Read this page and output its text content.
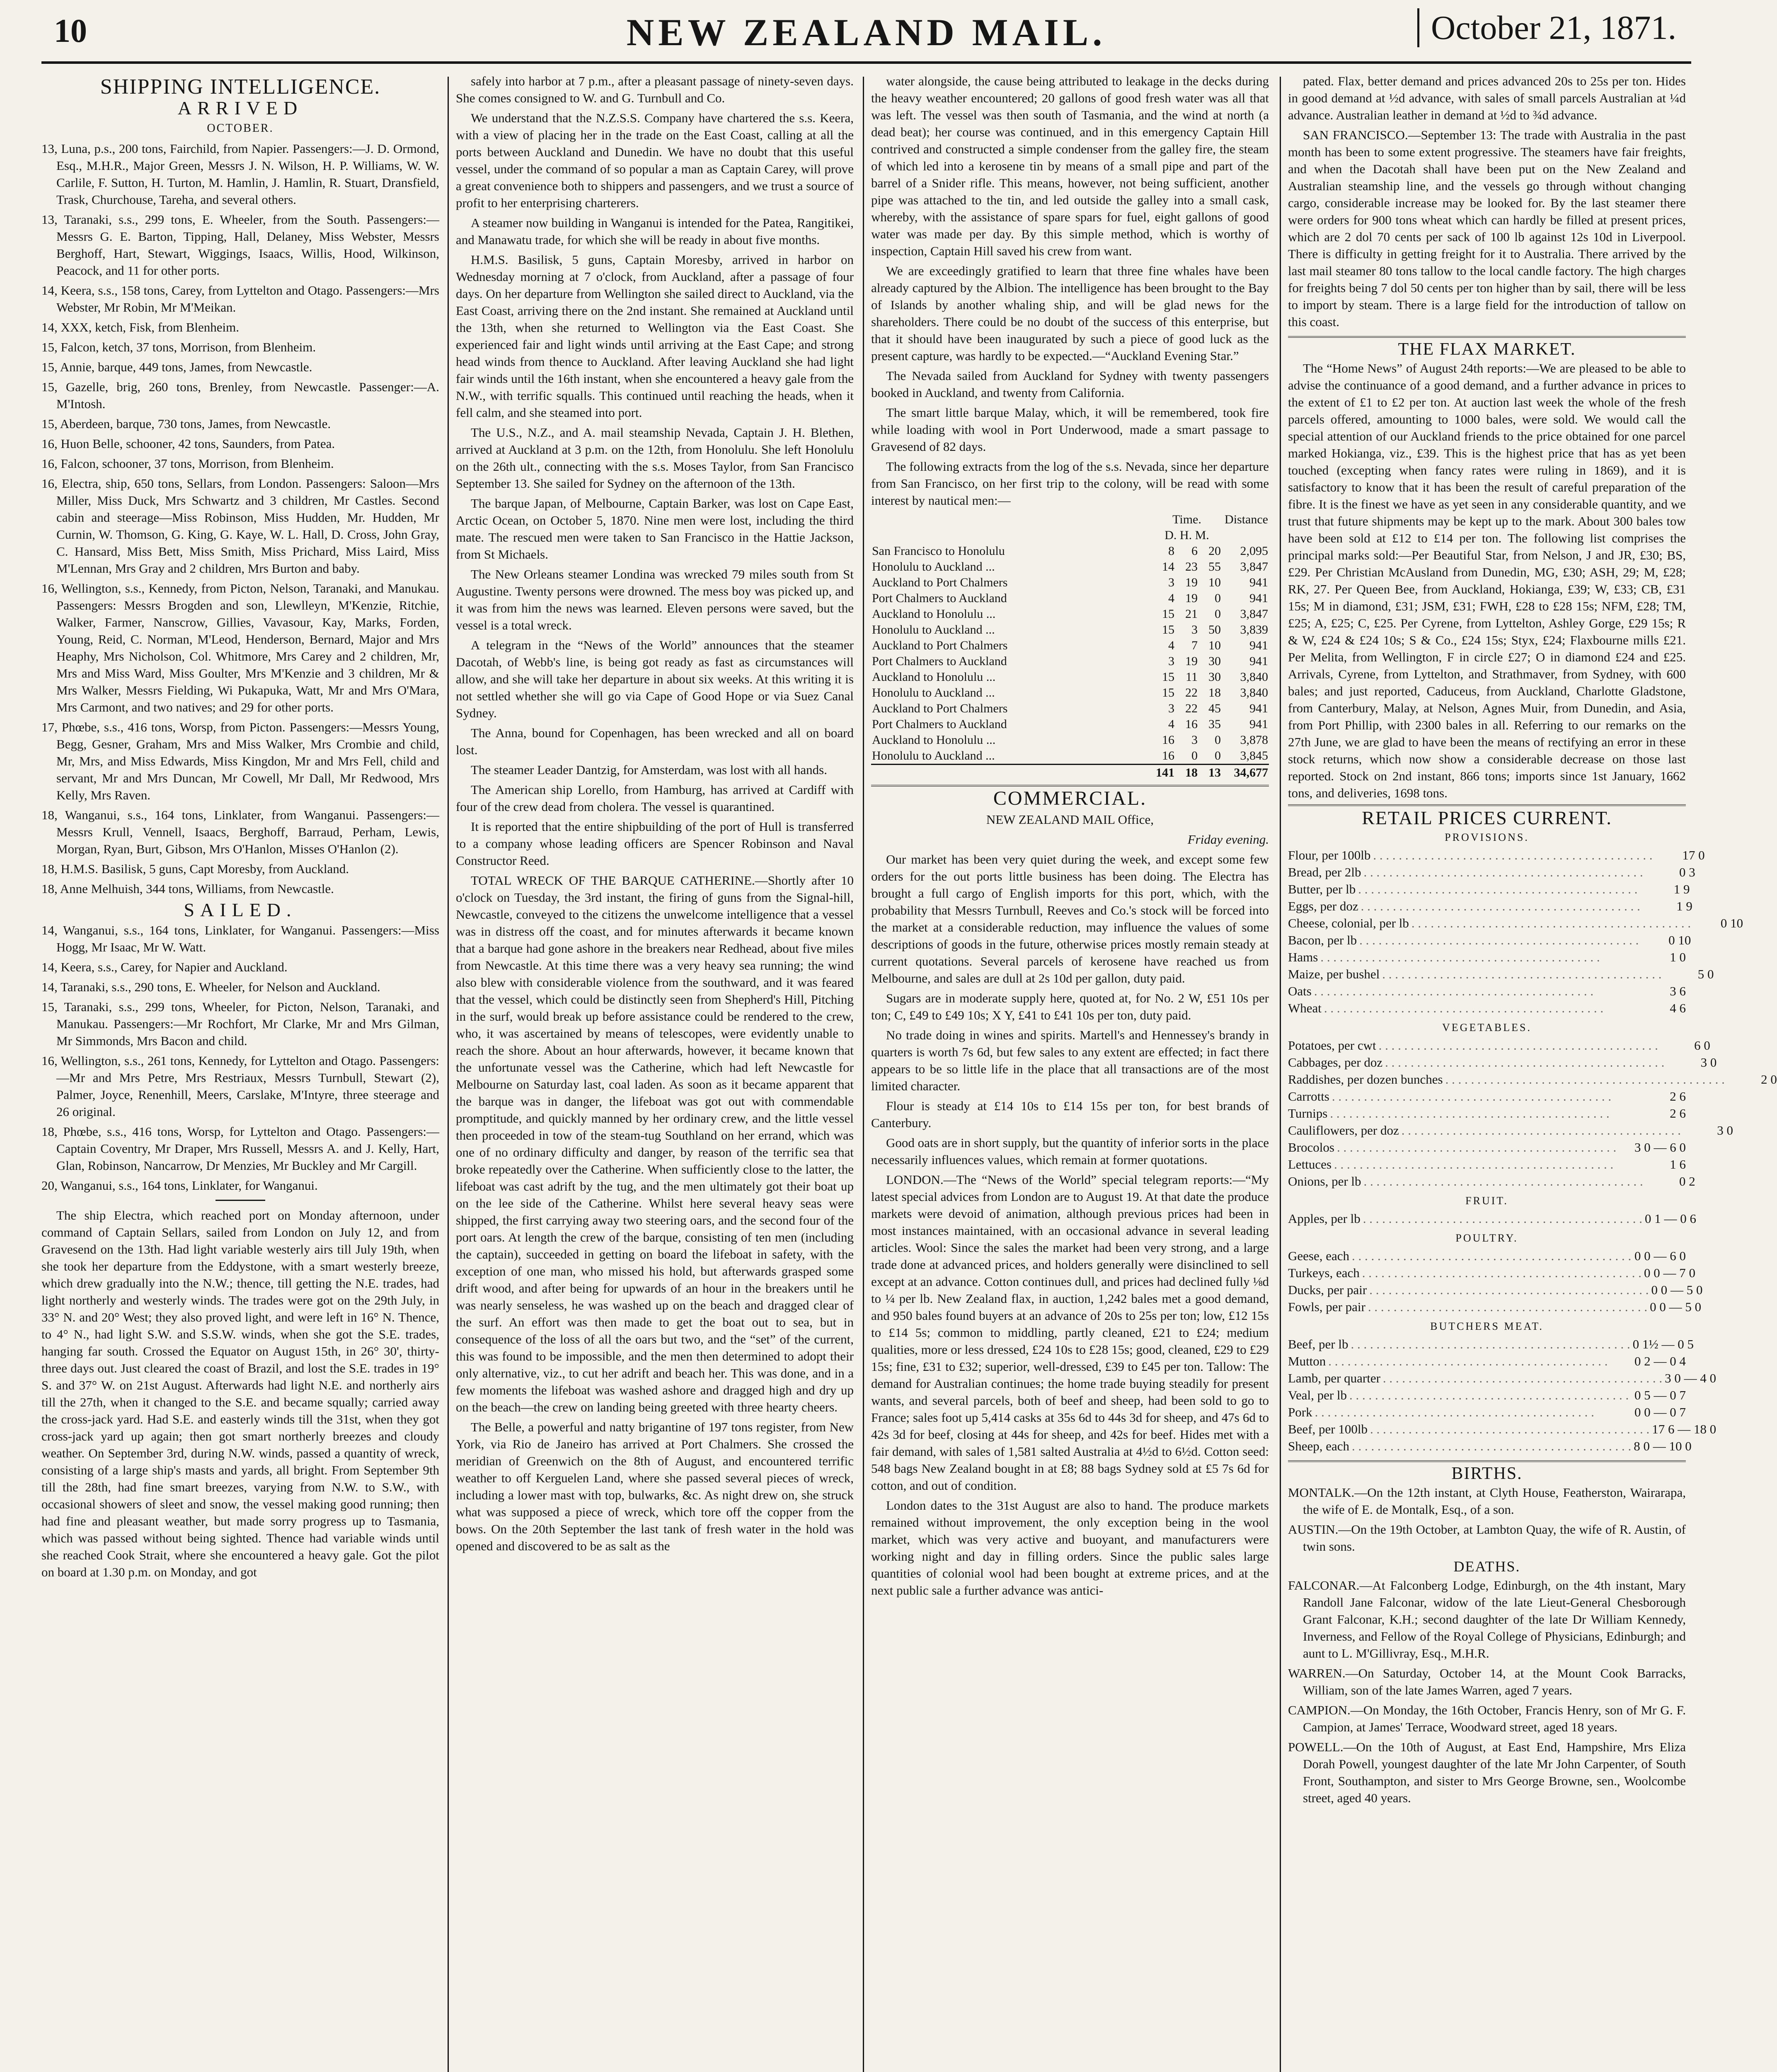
10	NEW ZEALAND MAIL.	October 21, 1871.
SHIPPING INTELLIGENCE.
ARRIVED
OCTOBER.

13, Luna, p.s., 200 tons, Fairchild, from Napier. Passengers:—J. D. Ormond, Esq., M.H.R., Major Green, Messrs J. N. Wilson, H. P. Williams, W. W. Carlile, F. Sutton, H. Turton, M. Hamlin, J. Hamlin, R. Stuart, Dransfield, Trask, Churchouse, Tareha, and several others.

13, Taranaki, s.s., 299 tons, E. Wheeler, from the South. Passengers:—Messrs G. E. Barton, Tipping, Hall, Delaney, Miss Webster, Messrs Berghoff, Hart, Stewart, Wiggings, Isaacs, Willis, Hood, Wilkinson, Peacock, and 11 for other ports.

14, Keera, s.s., 158 tons, Carey, from Lyttelton and Otago. Passengers:—Mrs Webster, Mr Robin, Mr M'Meikan.

14, XXX, ketch, Fisk, from Blenheim.

15, Falcon, ketch, 37 tons, Morrison, from Blenheim.

15, Annie, barque, 449 tons, James, from Newcastle.

15, Gazelle, brig, 260 tons, Brenley, from Newcastle. Passenger:—A. M'Intosh.

15, Aberdeen, barque, 730 tons, James, from Newcastle.

16, Huon Belle, schooner, 42 tons, Saunders, from Patea.

16, Falcon, schooner, 37 tons, Morrison, from Blenheim.

16, Electra, ship, 650 tons, Sellars, from London. Passengers: Saloon—Mrs Miller, Miss Duck, Mrs Schwartz and 3 children, Mr Castles. Second cabin and steerage—Miss Robinson, Miss Hudden, Mr. Hudden, Mr Curnin, W. Thomson, G. King, G. Kaye, W. L. Hall, D. Cross, John Gray, C. Hansard, Miss Bett, Miss Smith, Miss Prichard, Miss Laird, Miss M'Lennan, Mrs Gray and 2 children, Mrs Burton and baby.

16, Wellington, s.s., Kennedy, from Picton, Nelson, Taranaki, and Manukau. Passengers: Messrs Brogden and son, Llewlleyn, M'Kenzie, Ritchie, Walker, Farmer, Nanscrow, Gillies, Vavasour, Kay, Marks, Forden, Young, Reid, C. Norman, M'Leod, Henderson, Bernard, Major and Mrs Heaphy, Mrs Nicholson, Col. Whitmore, Mrs Carey and 2 children, Mr, Mrs and Miss Ward, Miss Goulter, Mrs M'Kenzie and 3 children, Mr & Mrs Walker, Messrs Fielding, Wi Pukapuka, Watt, Mr and Mrs O'Mara, Mrs Carmont, and two natives; and 29 for other ports.

17, Phœbe, s.s., 416 tons, Worsp, from Picton. Passengers:—Messrs Young, Begg, Gesner, Graham, Mrs and Miss Walker, Mrs Crombie and child, Mr, Mrs, and Miss Edwards, Miss Kingdon, Mr and Mrs Fell, child and servant, Mr and Mrs Duncan, Mr Cowell, Mr Dall, Mr Redwood, Mrs Kelly, Mrs Raven.

18, Wanganui, s.s., 164 tons, Linklater, from Wanganui. Passengers:—Messrs Krull, Vennell, Isaacs, Berghoff, Barraud, Perham, Lewis, Morgan, Ryan, Burt, Gibson, Mrs O'Hanlon, Misses O'Hanlon (2).

18, H.M.S. Basilisk, 5 guns, Capt Moresby, from Auckland.

18, Anne Melhuish, 344 tons, Williams, from Newcastle.

SAILED.

14, Wanganui, s.s., 164 tons, Linklater, for Wanganui. Passengers:—Miss Hogg, Mr Isaac, Mr W. Watt.

14, Keera, s.s., Carey, for Napier and Auckland.

14, Taranaki, s.s., 290 tons, E. Wheeler, for Nelson and Auckland.

15, Taranaki, s.s., 299 tons, Wheeler, for Picton, Nelson, Taranaki, and Manukau. Passengers:—Mr Rochfort, Mr Clarke, Mr and Mrs Gilman, Mr Simmonds, Mrs Bacon and child.

16, Wellington, s.s., 261 tons, Kennedy, for Lyttelton and Otago. Passengers:—Mr and Mrs Petre, Mrs Restriaux, Messrs Turnbull, Stewart (2), Palmer, Joyce, Renenhill, Meers, Carslake, M'Intyre, three steerage and 26 original.

18, Phœbe, s.s., 416 tons, Worsp, for Lyttelton and Otago. Passengers:—Captain Coventry, Mr Draper, Mrs Russell, Messrs A. and J. Kelly, Hart, Glan, Robinson, Nancarrow, Dr Menzies, Mr Buckley and Mr Cargill.

20, Wanganui, s.s., 164 tons, Linklater, for Wanganui.

The ship Electra, which reached port on Monday afternoon, under command of Captain Sellars, sailed from London on July 12, and from Gravesend on the 13th. Had light variable westerly airs till July 19th, when she took her departure from the Eddystone, with a smart westerly breeze, which drew gradually into the N.W.; thence, till getting the N.E. trades, had light northerly and westerly winds. The trades were got on the 29th July, in 33° N. and 20° West; they also proved light, and were left in 16° N. Thence, to 4° N., had light S.W. and S.S.W. winds, when she got the S.E. trades, hanging far south. Crossed the Equator on August 15th, in 26° 30', thirty-three days out. Just cleared the coast of Brazil, and lost the S.E. trades in 19° S. and 37° W. on 21st August. Afterwards had light N.E. and northerly airs till the 27th, when it changed to the S.E. and became squally; carried away the cross-jack yard. Had S.E. and easterly winds till the 31st, when they got cross-jack yard up again; then got smart northerly breezes and cloudy weather. On September 3rd, during N.W. winds, passed a quantity of wreck, consisting of a large ship's masts and yards, all bright. From September 9th till the 28th, had fine smart breezes, varying from N.W. to S.W., with occasional showers of sleet and snow, the vessel making good running; then had fine and pleasant weather, but made sorry progress up to Tasmania, which was passed without being sighted. Thence had variable winds until she reached Cook Strait, where she encountered a heavy gale. Got the pilot on board at 1.30 p.m. on Monday, and got

safely into harbor at 7 p.m., after a pleasant passage of ninety-seven days. She comes consigned to W. and G. Turnbull and Co.

We understand that the N.Z.S.S. Company have chartered the s.s. Keera, with a view of placing her in the trade on the East Coast, calling at all the ports between Auckland and Dunedin. We have no doubt that this useful vessel, under the command of so popular a man as Captain Carey, will prove a great convenience both to shippers and passengers, and we trust a source of profit to her enterprising charterers.

A steamer now building in Wanganui is intended for the Patea, Rangitikei, and Manawatu trade, for which she will be ready in about five months.

H.M.S. Basilisk, 5 guns, Captain Moresby, arrived in harbor on Wednesday morning at 7 o'clock, from Auckland, after a passage of four days. On her departure from Wellington she sailed direct to Auckland, via the East Coast, arriving there on the 2nd instant. She remained at Auckland until the 13th, when she returned to Wellington via the East Coast. She experienced fair and light winds until arriving at the East Cape; and strong head winds from thence to Auckland. After leaving Auckland she had light fair winds until the 16th instant, when she encountered a heavy gale from the N.W., with terrific squalls. This continued until reaching the heads, when it fell calm, and she steamed into port.

The U.S., N.Z., and A. mail steamship Nevada, Captain J. H. Blethen, arrived at Auckland at 3 p.m. on the 12th, from Honolulu. She left Honolulu on the 26th ult., connecting with the s.s. Moses Taylor, from San Francisco September 13. She sailed for Sydney on the afternoon of the 13th.

The barque Japan, of Melbourne, Captain Barker, was lost on Cape East, Arctic Ocean, on October 5, 1870. Nine men were lost, including the third mate. The rescued men were taken to San Francisco in the Hattie Jackson, from St Michaels.

The New Orleans steamer Londina was wrecked 79 miles south from St Augustine. Twenty persons were drowned. The mess boy was picked up, and it was from him the news was learned. Eleven persons were saved, but the vessel is a total wreck.

A telegram in the “News of the World” announces that the steamer Dacotah, of Webb's line, is being got ready as fast as circumstances will allow, and she will take her departure in about six weeks. At this writing it is not settled whether she will go via Cape of Good Hope or via Suez Canal Sydney.

The Anna, bound for Copenhagen, has been wrecked and all on board lost.

The steamer Leader Dantzig, for Amsterdam, was lost with all hands.

The American ship Lorello, from Hamburg, has arrived at Cardiff with four of the crew dead from cholera. The vessel is quarantined.

It is reported that the entire shipbuilding of the port of Hull is transferred to a company whose leading officers are Spencer Robinson and Naval Constructor Reed.

TOTAL WRECK OF THE BARQUE CATHERINE.—Shortly after 10 o'clock on Tuesday, the 3rd instant, the firing of guns from the Signal-hill, Newcastle, conveyed to the citizens the unwelcome intelligence that a vessel was in distress off the coast, and for minutes afterwards it became known that a barque had gone ashore in the breakers near Redhead, about five miles from Newcastle. At this time there was a very heavy sea running; the wind also blew with considerable violence from the southward, and it was feared that the vessel, which could be distinctly seen from Shepherd's Hill, Pitching in the surf, would break up before assistance could be rendered to the crew, who, it was ascertained by means of telescopes, were evidently unable to reach the shore. About an hour afterwards, however, it became known that the unfortunate vessel was the Catherine, which had left Newcastle for Melbourne on Saturday last, coal laden. As soon as it became apparent that the barque was in danger, the lifeboat was got out with commendable promptitude, and quickly manned by her ordinary crew, and the little vessel then proceeded in tow of the steam-tug Southland on her errand, which was one of no ordinary difficulty and danger, by reason of the terrific sea that broke repeatedly over the Catherine. When sufficiently close to the latter, the lifeboat was cast adrift by the tug, and the men ultimately got their boat up on the lee side of the Catherine. Whilst here several heavy seas were shipped, the first carrying away two steering oars, and the second four of the port oars. At length the crew of the barque, consisting of ten men (including the captain), succeeded in getting on board the lifeboat in safety, with the exception of one man, who missed his hold, but afterwards grasped some drift wood, and after being for upwards of an hour in the breakers until he was nearly senseless, he was washed up on the beach and dragged clear of the surf. An effort was then made to get the boat out to sea, but in consequence of the loss of all the oars but two, and the “set” of the current, this was found to be impossible, and the men then determined to adopt their only alternative, viz., to cut her adrift and beach her. This was done, and in a few moments the lifeboat was washed ashore and dragged high and dry up on the beach—the crew on landing being greeted with three hearty cheers.

The Belle, a powerful and natty brigantine of 197 tons register, from New York, via Rio de Janeiro has arrived at Port Chalmers. She crossed the meridian of Greenwich on the 8th of August, and encountered terrific weather to off Kerguelen Land, where she passed several pieces of wreck, including a lower mast with top, bulwarks, &c. As night drew on, she struck what was supposed a piece of wreck, which tore off the copper from the bows. On the 20th September the last tank of fresh water in the hold was opened and discovered to be as salt as the

water alongside, the cause being attributed to leakage in the decks during the heavy weather encountered; 20 gallons of good fresh water was all that was left. The vessel was then south of Tasmania, and the wind at north (a dead beat); her course was continued, and in this emergency Captain Hill contrived and constructed a simple condenser from the galley fire, the steam of which led into a kerosene tin by means of a small pipe and part of the barrel of a Snider rifle. This means, however, not being sufficient, another pipe was attached to the tin, and led outside the galley into a small cask, whereby, with the assistance of spare spars for fuel, eight gallons of good water was made per day. By this simple method, which is worthy of inspection, Captain Hill saved his crew from want.

We are exceedingly gratified to learn that three fine whales have been already captured by the Albion. The intelligence has been brought to the Bay of Islands by another whaling ship, and will be glad news for the shareholders. There could be no doubt of the success of this enterprise, but that it should have been inaugurated by such a piece of good luck as the present capture, was hardly to be expected.—“Auckland Evening Star.”

The Nevada sailed from Auckland for Sydney with twenty passengers booked in Auckland, and twenty from California.

The smart little barque Malay, which, it will be remembered, took fire while loading with wool in Port Underwood, made a smart passage to Gravesend of 82 days.

The following extracts from the log of the s.s. Nevada, since her departure from San Francisco, on her first trip to the colony, will be read with some interest by nautical men:—

	Time.			Distance
	D. H. M.			
San Francisco to Honolulu	8	6	20	2,095
Honolulu to Auckland ...	14	23	55	3,847
Auckland to Port Chalmers	3	19	10	941
Port Chalmers to Auckland	4	19	0	941
Auckland to Honolulu ...	15	21	0	3,847
Honolulu to Auckland ...	15	3	50	3,839
Auckland to Port Chalmers	4	7	10	941
Port Chalmers to Auckland	3	19	30	941
Auckland to Honolulu ...	15	11	30	3,840
Honolulu to Auckland ...	15	22	18	3,840
Auckland to Port Chalmers	3	22	45	941
Port Chalmers to Auckland	4	16	35	941
Auckland to Honolulu ...	16	3	0	3,878
Honolulu to Auckland ...	16	0	0	3,845
	141	18	13	34,677
COMMERCIAL.

NEW ZEALAND MAIL Office,

Friday evening.

Our market has been very quiet during the week, and except some few orders for the out ports little business has been doing. The Electra has brought a full cargo of English imports for this port, which, with the probability that Messrs Turnbull, Reeves and Co.'s stock will be forced into the market at a considerable reduction, may influence the values of some descriptions of goods in the future, otherwise prices mostly remain steady at current quotations. Several parcels of kerosene have reached us from Melbourne, and sales are dull at 2s 10d per gallon, duty paid.

Sugars are in moderate supply here, quoted at, for No. 2 W, £51 10s per ton; C, £49 to £49 10s; X Y, £41 to £41 10s per ton, duty paid.

No trade doing in wines and spirits. Martell's and Hennessey's brandy in quarters is worth 7s 6d, but few sales to any extent are effected; in fact there appears to be so little life in the place that all transactions are of the most limited character.

Flour is steady at £14 10s to £14 15s per ton, for best brands of Canterbury.

Good oats are in short supply, but the quantity of inferior sorts in the place necessarily influences values, which remain at former quotations.

LONDON.—The “News of the World” special telegram reports:—“My latest special advices from London are to August 19. At that date the produce markets were devoid of animation, although previous prices had been in most instances maintained, with an occasional advance in several leading articles. Wool: Since the sales the market had been very strong, and a large trade done at advanced prices, and holders generally were disinclined to sell except at an advance. Cotton continues dull, and prices had declined fully ⅛d to ¼ per lb. New Zealand flax, in auction, 1,242 bales met a good demand, and 950 bales found buyers at an advance of 20s to 25s per ton; low, £12 15s to £14 5s; common to middling, partly cleaned, £21 to £24; medium qualities, more or less dressed, £24 10s to £28 15s; good, cleaned, £29 to £29 15s; fine, £31 to £32; superior, well-dressed, £39 to £45 per ton. Tallow: The demand for Australian continues; the home trade buying steadily for present wants, and several parcels, both of beef and sheep, had been sold to go to France; sales foot up 5,414 casks at 35s 6d to 44s 3d for sheep, and 47s 6d to 42s 3d for beef, closing at 44s for sheep, and 42s for beef. Hides met with a fair demand, with sales of 1,581 salted Australia at 4½d to 6½d. Cotton seed: 548 bags New Zealand bought in at £8; 88 bags Sydney sold at £5 7s 6d for cotton, and out of condition.

London dates to the 31st August are also to hand. The produce markets remained without improvement, the only exception being in the wool market, which was very active and buoyant, and manufacturers were working night and day in filling orders. Since the public sales large quantities of colonial wool had been bought at extreme prices, and at the next public sale a further advance was antici-

pated. Flax, better demand and prices advanced 20s to 25s per ton. Hides in good demand at ½d advance, with sales of small parcels Australian at ¼d advance. Australian leather in demand at ½d to ¾d advance.

SAN FRANCISCO.—September 13: The trade with Australia in the past month has been to some extent progressive. The steamers have fair freights, and when the Dacotah shall have been put on the New Zealand and Australian steamship line, and the vessels go through without changing cargo, considerable increase may be looked for. By the last steamer there were orders for 900 tons wheat which can hardly be filled at present prices, which are 2 dol 70 cents per sack of 100 lb against 12s 10d in Liverpool. There is difficulty in getting freight for it to Australia. There arrived by the last mail steamer 80 tons tallow to the local candle factory. The high charges for freights being 7 dol 50 cents per ton higher than by sail, there will be less to import by steam. There is a large field for the introduction of tallow on this coast.

THE FLAX MARKET.

The “Home News” of August 24th reports:—We are pleased to be able to advise the continuance of a good demand, and a further advance in prices to the extent of £1 to £2 per ton. At auction last week the whole of the fresh parcels offered, amounting to 1000 bales, were sold. We would call the special attention of our Auckland friends to the price obtained for one parcel marked Hokianga, viz., £39. This is the highest price that has as yet been touched (excepting when fancy rates were ruling in 1869), and it is satisfactory to know that it has been the result of careful preparation of the fibre. It is the finest we have as yet seen in any considerable quantity, and we trust that future shipments may be kept up to the mark. About 300 bales tow have been sold at £12 to £14 per ton. The following list comprises the principal marks sold:—Per Beautiful Star, from Nelson, J and JR, £30; BS, £29. Per Christian McAusland from Dunedin, MG, £30; ASH, 29; M, £28; RK, 27. Per Queen Bee, from Auckland, Hokianga, £39; W, £33; CB, £31 15s; M in diamond, £31; JSM, £31; FWH, £28 to £28 15s; NFM, £28; TM, £25; A, £25; C, £25. Per Cyrene, from Lyttelton, Ashley Gorge, £29 15s; R & W, £24 & £24 10s; S & Co., £24 15s; Styx, £24; Flaxbourne mills £21. Per Melita, from Wellington, F in circle £27; O in diamond £24 and £25. Arrivals, Cyrene, from Lyttelton, and Strathmaver, from Sydney, with 600 bales; and just reported, Caduceus, from Auckland, Charlotte Gladstone, from Canterbury, Malay, at Nelson, Agnes Muir, from Dunedin, and Asia, from Port Phillip, with 2300 bales in all. Referring to our remarks on the 27th June, we are glad to have been the means of rectifying an error in these stock returns, which now show a considerable decrease on those last reported. Stock on 2nd instant, 866 tons; imports since 1st January, 1662 tons, and deliveries, 1698 tons.

RETAIL PRICES CURRENT.
PROVISIONS.
Flour, per 100lb . . . . . . . . . . . . . . . . . . . . . . . . . . . . . . . . . . . . . . . . . . . .	17 0
Bread, per 2lb . . . . . . . . . . . . . . . . . . . . . . . . . . . . . . . . . . . . . . . . . . . .	0 3
Butter, per lb . . . . . . . . . . . . . . . . . . . . . . . . . . . . . . . . . . . . . . . . . . . .	1 9
Eggs, per doz . . . . . . . . . . . . . . . . . . . . . . . . . . . . . . . . . . . . . . . . . . . .	1 9
Cheese, colonial, per lb . . . . . . . . . . . . . . . . . . . . . . . . . . . . . . . . . . . . . . . . . . . .	0 10
Bacon, per lb . . . . . . . . . . . . . . . . . . . . . . . . . . . . . . . . . . . . . . . . . . . .	0 10
Hams . . . . . . . . . . . . . . . . . . . . . . . . . . . . . . . . . . . . . . . . . . . .	1 0
Maize, per bushel . . . . . . . . . . . . . . . . . . . . . . . . . . . . . . . . . . . . . . . . . . . .	5 0
Oats . . . . . . . . . . . . . . . . . . . . . . . . . . . . . . . . . . . . . . . . . . . .	3 6
Wheat . . . . . . . . . . . . . . . . . . . . . . . . . . . . . . . . . . . . . . . . . . . .	4 6
VEGETABLES.
Potatoes, per cwt . . . . . . . . . . . . . . . . . . . . . . . . . . . . . . . . . . . . . . . . . . . .	6 0
Cabbages, per doz . . . . . . . . . . . . . . . . . . . . . . . . . . . . . . . . . . . . . . . . . . . .	3 0
Raddishes, per dozen bunches . . . . . . . . . . . . . . . . . . . . . . . . . . . . . . . . . . . . . . . . . . . .	2 0
Carrotts . . . . . . . . . . . . . . . . . . . . . . . . . . . . . . . . . . . . . . . . . . . .	2 6
Turnips . . . . . . . . . . . . . . . . . . . . . . . . . . . . . . . . . . . . . . . . . . . .	2 6
Cauliflowers, per doz . . . . . . . . . . . . . . . . . . . . . . . . . . . . . . . . . . . . . . . . . . . .	3 0
Brocolos . . . . . . . . . . . . . . . . . . . . . . . . . . . . . . . . . . . . . . . . . . . .	3 0 — 6 0
Lettuces . . . . . . . . . . . . . . . . . . . . . . . . . . . . . . . . . . . . . . . . . . . .	1 6
Onions, per lb . . . . . . . . . . . . . . . . . . . . . . . . . . . . . . . . . . . . . . . . . . . .	0 2
FRUIT.
Apples, per lb . . . . . . . . . . . . . . . . . . . . . . . . . . . . . . . . . . . . . . . . . . . . 0 1 — 0 6
POULTRY.
Geese, each . . . . . . . . . . . . . . . . . . . . . . . . . . . . . . . . . . . . . . . . . . . . 0 0 — 6 0
Turkeys, each . . . . . . . . . . . . . . . . . . . . . . . . . . . . . . . . . . . . . . . . . . . . 0 0 — 7 0
Ducks, per pair . . . . . . . . . . . . . . . . . . . . . . . . . . . . . . . . . . . . . . . . . . . . 0 0 — 5 0
Fowls, per pair . . . . . . . . . . . . . . . . . . . . . . . . . . . . . . . . . . . . . . . . . . . . 0 0 — 5 0
BUTCHERS MEAT.
Beef, per lb . . . . . . . . . . . . . . . . . . . . . . . . . . . . . . . . . . . . . . . . . . . . 0 1½ — 0 5
Mutton . . . . . . . . . . . . . . . . . . . . . . . . . . . . . . . . . . . . . . . . . . . .	0 2 — 0 4
Lamb, per quarter . . . . . . . . . . . . . . . . . . . . . . . . . . . . . . . . . . . . . . . . . . . . 3 0 — 4 0
Veal, per lb . . . . . . . . . . . . . . . . . . . . . . . . . . . . . . . . . . . . . . . . . . . . 0 5 — 0 7
Pork . . . . . . . . . . . . . . . . . . . . . . . . . . . . . . . . . . . . . . . . . . . .	0 0 — 0 7
Beef, per 100lb . . . . . . . . . . . . . . . . . . . . . . . . . . . . . . . . . . . . . . . . . . . . 17 6 — 18 0
Sheep, each . . . . . . . . . . . . . . . . . . . . . . . . . . . . . . . . . . . . . . . . . . . . 8 0 — 10 0
BIRTHS.

MONTALK.—On the 12th instant, at Clyth House, Featherston, Wairarapa, the wife of E. de Montalk, Esq., of a son.

AUSTIN.—On the 19th October, at Lambton Quay, the wife of R. Austin, of twin sons.

DEATHS.

FALCONAR.—At Falconberg Lodge, Edinburgh, on the 4th instant, Mary Randoll Jane Falconar, widow of the late Lieut-General Chesborough Grant Falconar, K.H.; second daughter of the late Dr William Kennedy, Inverness, and Fellow of the Royal College of Physicians, Edinburgh; and aunt to L. M'Gillivray, Esq., M.H.R.

WARREN.—On Saturday, October 14, at the Mount Cook Barracks, William, son of the late James Warren, aged 7 years.

CAMPION.—On Monday, the 16th October, Francis Henry, son of Mr G. F. Campion, at James' Terrace, Woodward street, aged 18 years.

POWELL.—On the 10th of August, at East End, Hampshire, Mrs Eliza Dorah Powell, youngest daughter of the late Mr John Carpenter, of South Front, Southampton, and sister to Mrs George Browne, sen., Woolcombe street, aged 40 years.
